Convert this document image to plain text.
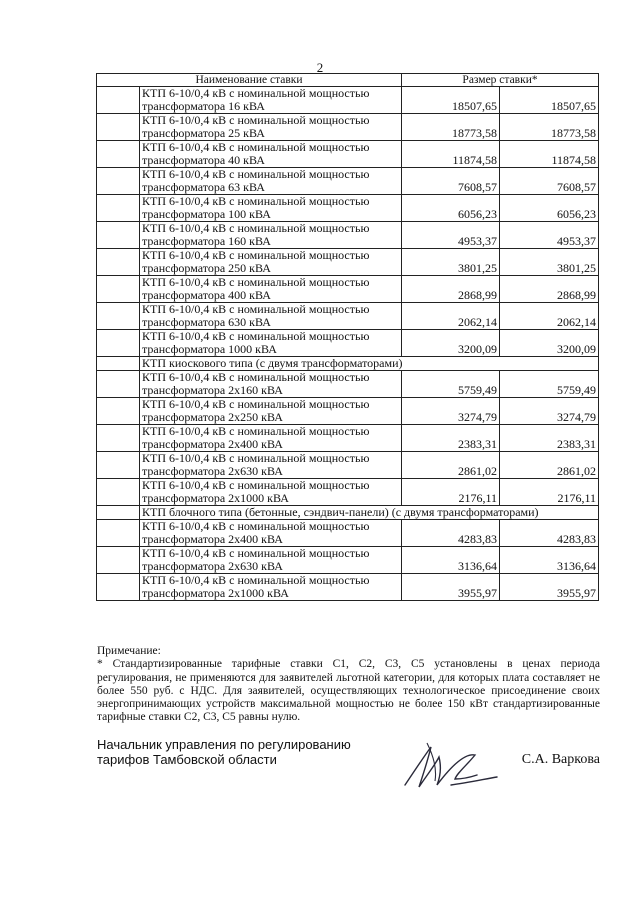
2
Наименование ставки		Размер ставки*	

	КТП 6-10/0,4 кВ с номинальной мощностью
трансформатора 16 кВА	18507,65	18507,65

	КТП 6-10/0,4 кВ с номинальной мощностью
трансформатора 25 кВА	18773,58	18773,58

	КТП 6-10/0,4 кВ с номинальной мощностью
трансформатора 40 кВА	11874,58	11874,58

	КТП 6-10/0,4 кВ с номинальной мощностью
трансформатора 63 кВА	7608,57	7608,57

	КТП 6-10/0,4 кВ с номинальной мощностью
трансформатора 100 кВА	6056,23	6056,23

	КТП 6-10/0,4 кВ с номинальной мощностью
трансформатора 160 кВА	4953,37	4953,37

	КТП 6-10/0,4 кВ с номинальной мощностью
трансформатора 250 кВА	3801,25	3801,25

	КТП 6-10/0,4 кВ с номинальной мощностью
трансформатора 400 кВА	2868,99	2868,99

	КТП 6-10/0,4 кВ с номинальной мощностью
трансформатора 630 кВА	2062,14	2062,14

	КТП 6-10/0,4 кВ с номинальной мощностью
трансформатора 1000 кВА	3200,09	3200,09
	КТП киоскового типа (с двумя трансформаторами)		

	КТП 6-10/0,4 кВ с номинальной мощностью
трансформатора 2х160 кВА	5759,49	5759,49

	КТП 6-10/0,4 кВ с номинальной мощностью
трансформатора 2х250 кВА	3274,79	3274,79

	КТП 6-10/0,4 кВ с номинальной мощностью
трансформатора 2х400 кВА	2383,31	2383,31

	КТП 6-10/0,4 кВ с номинальной мощностью
трансформатора 2х630 кВА	2861,02	2861,02

	КТП 6-10/0,4 кВ с номинальной мощностью
трансформатора 2х1000 кВА	2176,11	2176,11
	КТП блочного типа (бетонные, сэндвич-панели) (с двумя трансформаторами)		

	КТП 6-10/0,4 кВ с номинальной мощностью
трансформатора 2х400 кВА	4283,83	4283,83

	КТП 6-10/0,4 кВ с номинальной мощностью
трансформатора 2х630 кВА	3136,64	3136,64

	КТП 6-10/0,4 кВ с номинальной мощностью
трансформатора 2х1000 кВА	3955,97	3955,97

Примечание:

* Стандартизированные тарифные ставки С1, С2, С3, С5 установлены в ценах периода регулирования, не применяются для заявителей льготной категории, для которых плата составляет не более 550 руб. с НДС. Для заявителей, осуществляющих технологическое присоединение своих энергопринимающих устройств максимальной мощностью не более 150 кВт стандартизированные тарифные ставки С2, С3, С5 равны нулю.

Начальник управления по регулированию
тарифов Тамбовской области	С.А. Варкова
